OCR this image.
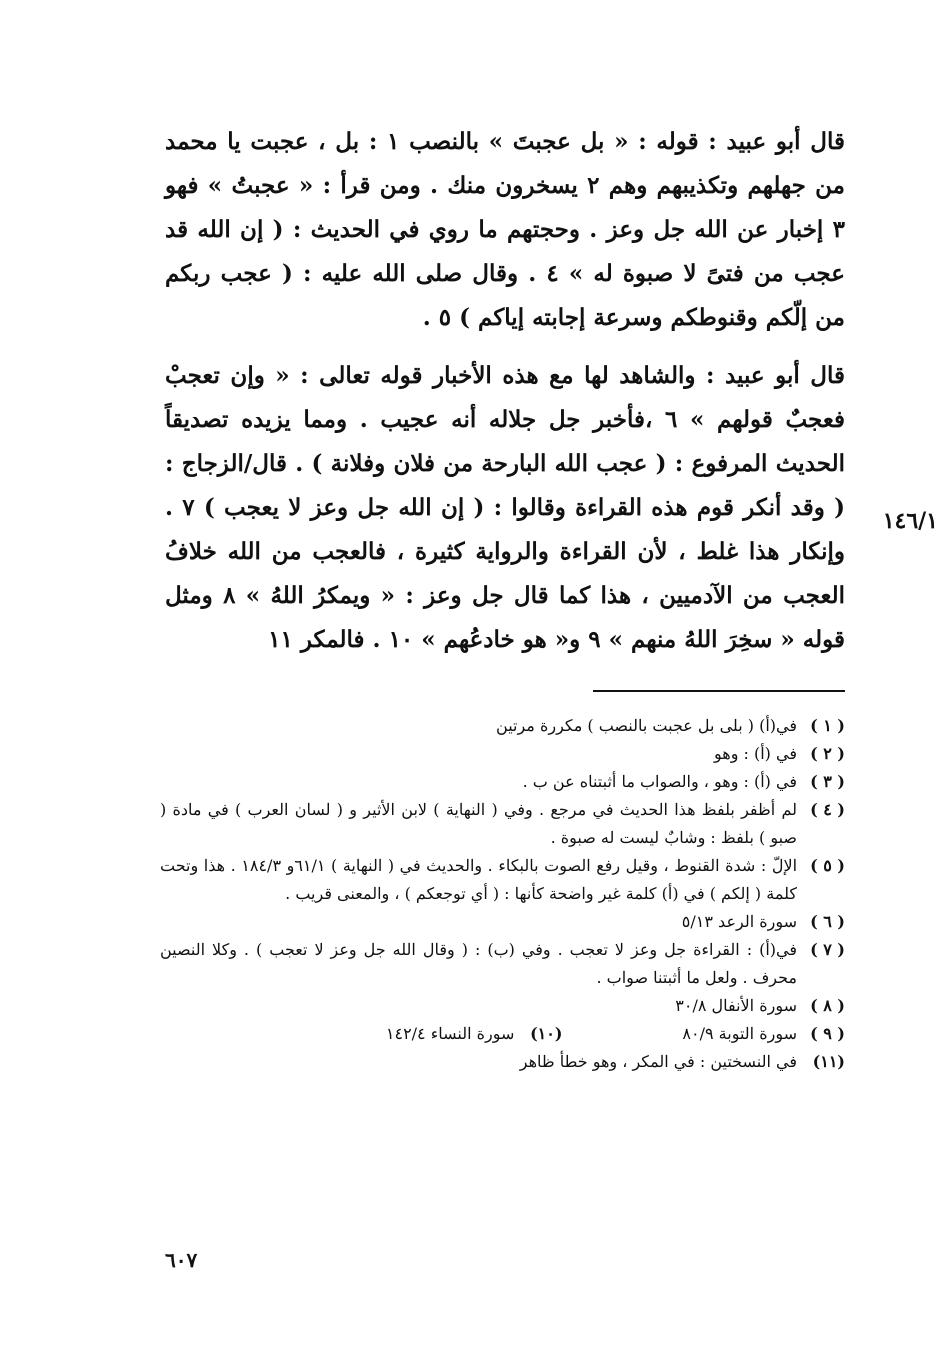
قال أبو عبيد : قوله : « بل عجبتَ » بالنصب ١ : بل ، عجبت يا محمد من جهلهم وتكذيبهم وهم ٢ يسخرون منك . ومن قرأ : « عجبتُ » فهو ٣ إخبار عن الله جل وعز . وحجتهم ما روي في الحديث : ( إن الله قد عجب من فتىً لا صبوة له » ٤ . وقال صلى الله عليه : ( عجب ربكم من إلّكم وقنوطكم وسرعة إجابته إياكم ) ٥ .

قال أبو عبيد : والشاهد لها مع هذه الأخبار قوله تعالى : « وإن تعجبْ فعجبٌ قولهم » ٦ ،فأخبر جل جلاله أنه عجيب . ومما يزيده تصديقاً الحديث المرفوع : ( عجب الله البارحة من فلان وفلانة ) . قال/الزجاج : ( وقد أنكر قوم هذه القراءة وقالوا : ( إن الله جل وعز لا يعجب ) ٧ . وإنكار هذا غلط ، لأن القراءة والرواية كثيرة ، فالعجب من الله خلافُ العجب من الآدميين ، هذا كما قال جل وعز : « ويمكرُ اللهُ » ٨ ومثل قوله « سخِرَ اللهُ منهم » ٩ و« هو خادعُهم » ١٠ . فالمكر ١١

١٤٦/١
( ١ )
في(أ) ( بلى بل عجبت بالنصب ) مكررة مرتين
( ٢ )
في (أ) : وهو
( ٣ )
في (أ) : وهو ، والصواب ما أثبتناه عن ب .
( ٤ )
لم أظفر بلفظ هذا الحديث في مرجع . وفي ( النهاية ) لابن الأثير و ( لسان العرب ) في مادة ( صبو ) بلفظ : وشابٌ ليست له صبوة .
( ٥ )
الإلّ : شدة القنوط ، وقيل رفع الصوت بالبكاء . والحديث في ( النهاية ) ٦١/١و ١٨٤/٣ . هذا وتحت كلمة ( إلكم ) في (أ) كلمة غير واضحة كأنها : ( أي توجعكم ) ، والمعنى قريب .
( ٦ )
سورة الرعد ٥/١٣
( ٧ )
في(أ) : القراءة جل وعز لا تعجب . وفي (ب) : ( وقال الله جل وعز لا تعجب ) . وكلا النصين محرف . ولعل ما أثبتنا صواب .
( ٨ )
سورة الأنفال ٣٠/٨
( ٩ )
سورة التوبة ٨٠/٩
(١٠)
سورة النساء ١٤٢/٤
(١١)
في النسختين : في المكر ، وهو خطأ ظاهر
٦٠٧
